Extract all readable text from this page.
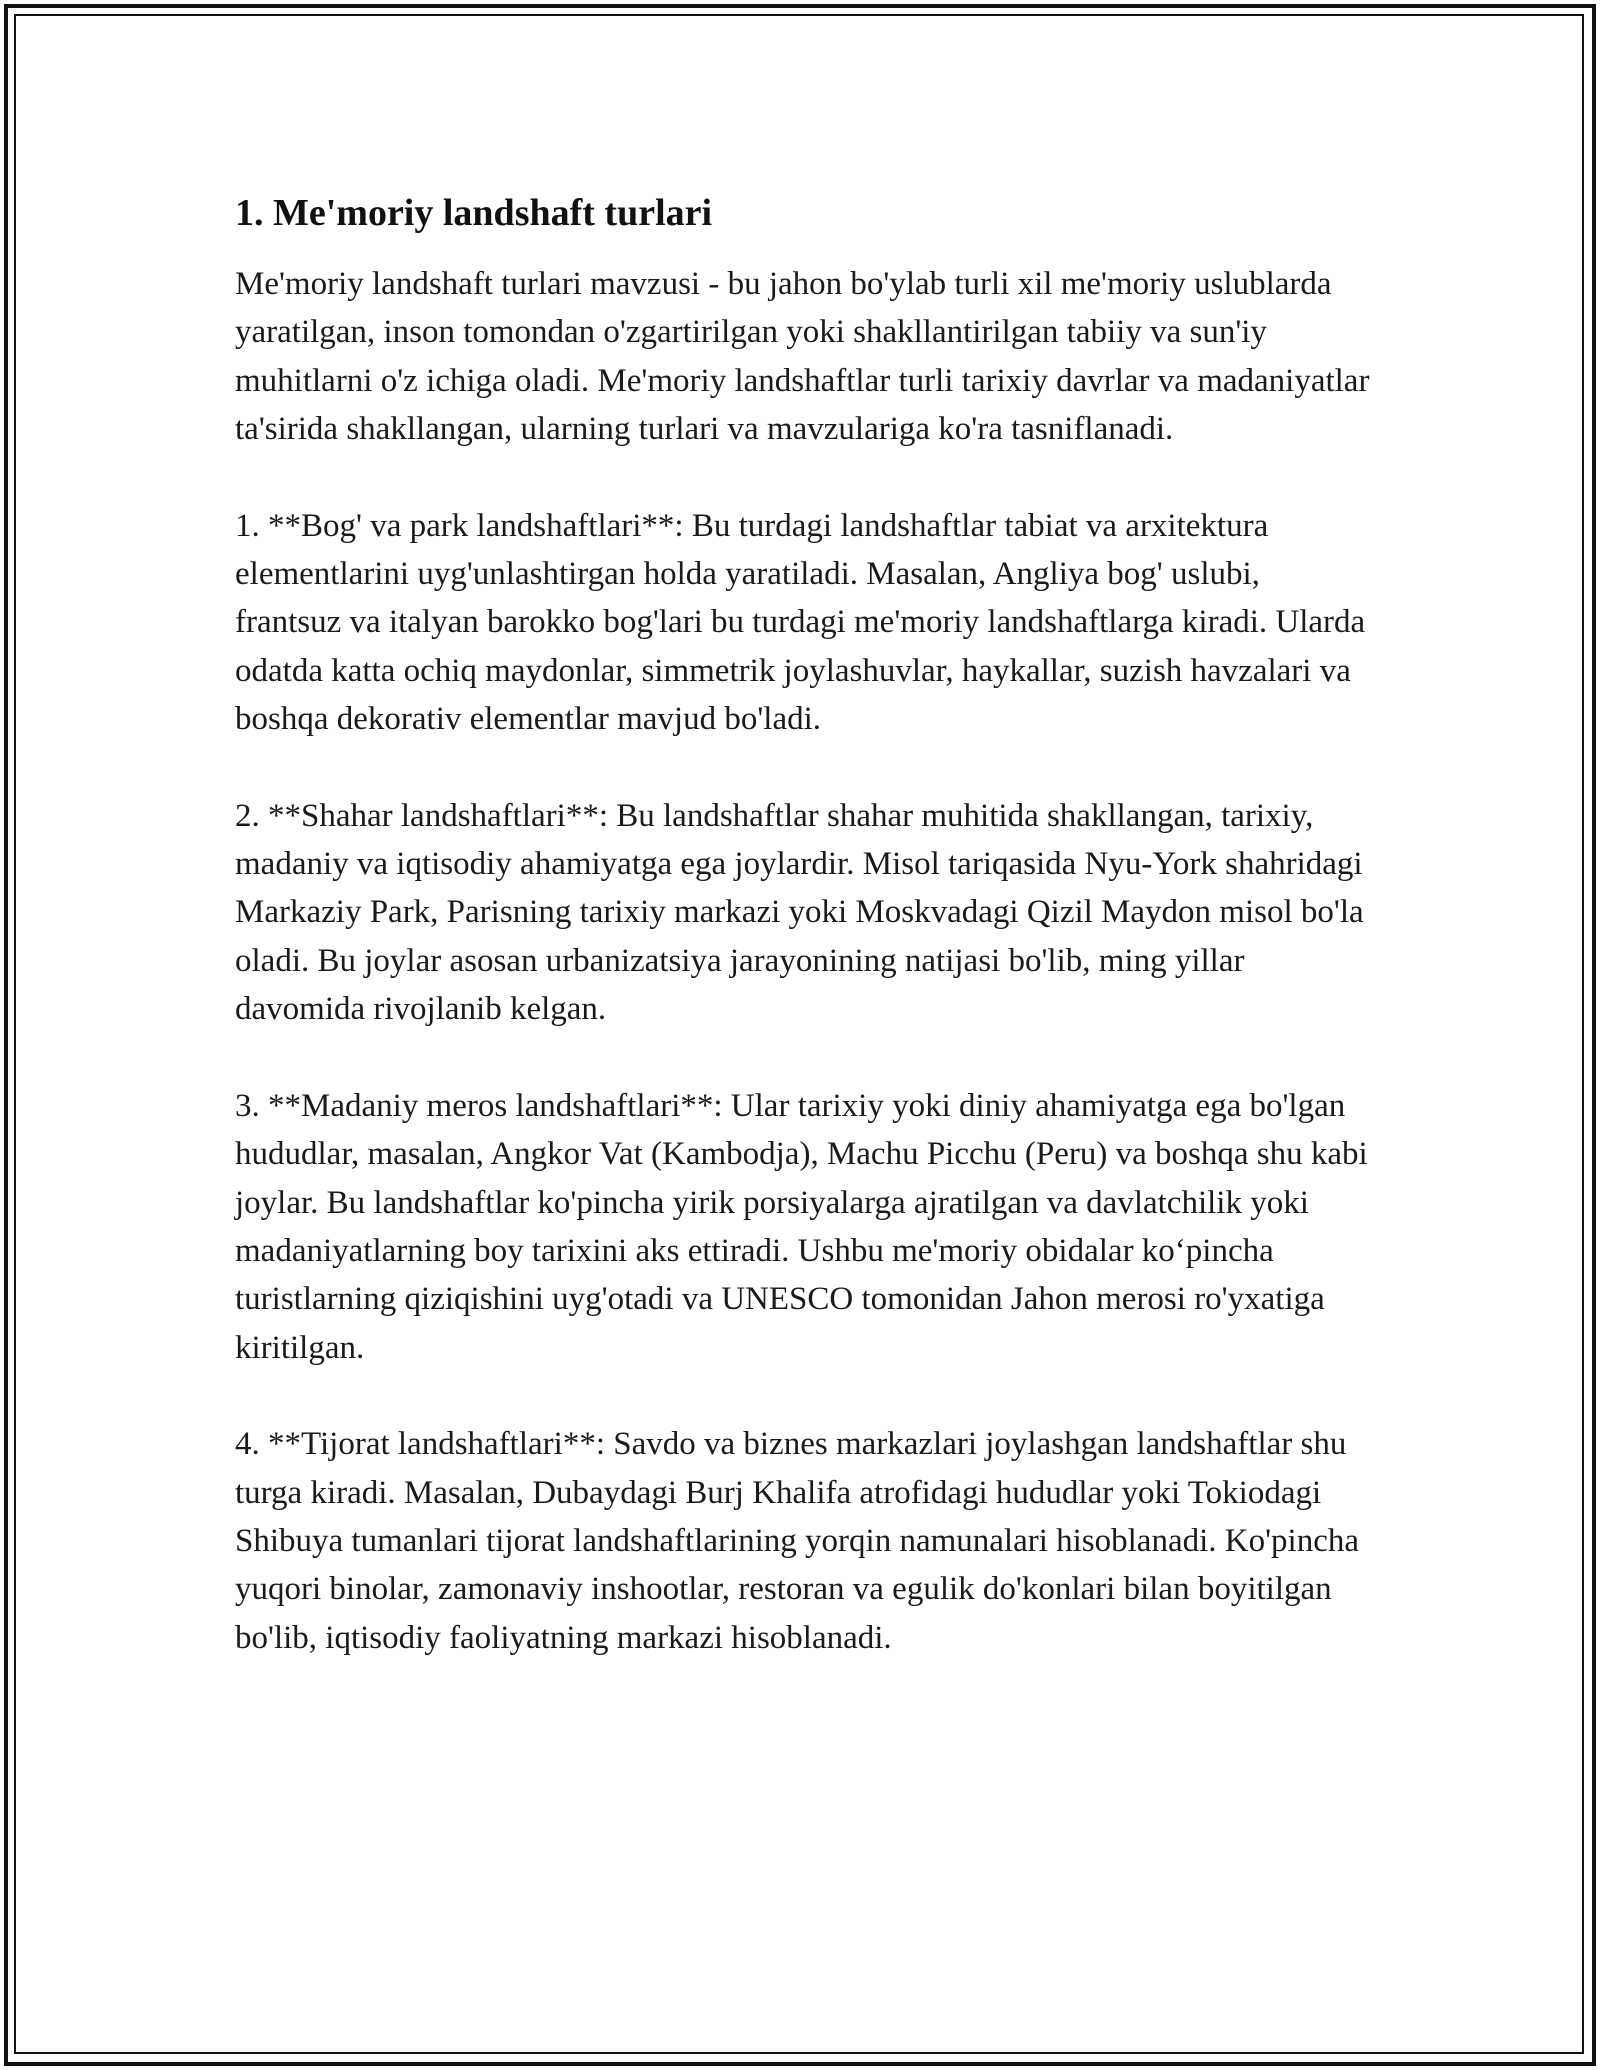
1. Me'moriy landshaft turlari

Me'moriy landshaft turlari mavzusi - bu jahon bo'ylab turli xil me'moriy uslublarda yaratilgan, inson tomondan o'zgartirilgan yoki shakllantirilgan tabiiy va sun'iy muhitlarni o'z ichiga oladi. Me'moriy landshaftlar turli tarixiy davrlar va madaniyatlar ta'sirida shakllangan, ularning turlari va mavzulariga ko'ra tasniflanadi.

1. **Bog' va park landshaftlari**: Bu turdagi landshaftlar tabiat va arxitektura elementlarini uyg'unlashtirgan holda yaratiladi. Masalan, Angliya bog' uslubi, frantsuz va italyan barokko bog'lari bu turdagi me'moriy landshaftlarga kiradi. Ularda odatda katta ochiq maydonlar, simmetrik joylashuvlar, haykallar, suzish havzalari va boshqa dekorativ elementlar mavjud bo'ladi.

2. **Shahar landshaftlari**: Bu landshaftlar shahar muhitida shakllangan, tarixiy, madaniy va iqtisodiy ahamiyatga ega joylardir. Misol tariqasida Nyu-York shahridagi Markaziy Park, Parisning tarixiy markazi yoki Moskvadagi Qizil Maydon misol bo'la oladi. Bu joylar asosan urbanizatsiya jarayonining natijasi bo'lib, ming yillar davomida rivojlanib kelgan.

3. **Madaniy meros landshaftlari**: Ular tarixiy yoki diniy ahamiyatga ega bo'lgan hududlar, masalan, Angkor Vat (Kambodja), Machu Picchu (Peru) va boshqa shu kabi joylar. Bu landshaftlar ko'pincha yirik porsiyalarga ajratilgan va davlatchilik yoki madaniyatlarning boy tarixini aks ettiradi. Ushbu me'moriy obidalar ko‘pincha turistlarning qiziqishini uyg'otadi va UNESCO tomonidan Jahon merosi ro'yxatiga kiritilgan.

4. **Tijorat landshaftlari**: Savdo va biznes markazlari joylashgan landshaftlar shu turga kiradi. Masalan, Dubaydagi Burj Khalifa atrofidagi hududlar yoki Tokiodagi Shibuya tumanlari tijorat landshaftlarining yorqin namunalari hisoblanadi. Ko'pincha yuqori binolar, zamonaviy inshootlar, restoran va egulik do'konlari bilan boyitilgan bo'lib, iqtisodiy faoliyatning markazi hisoblanadi.
